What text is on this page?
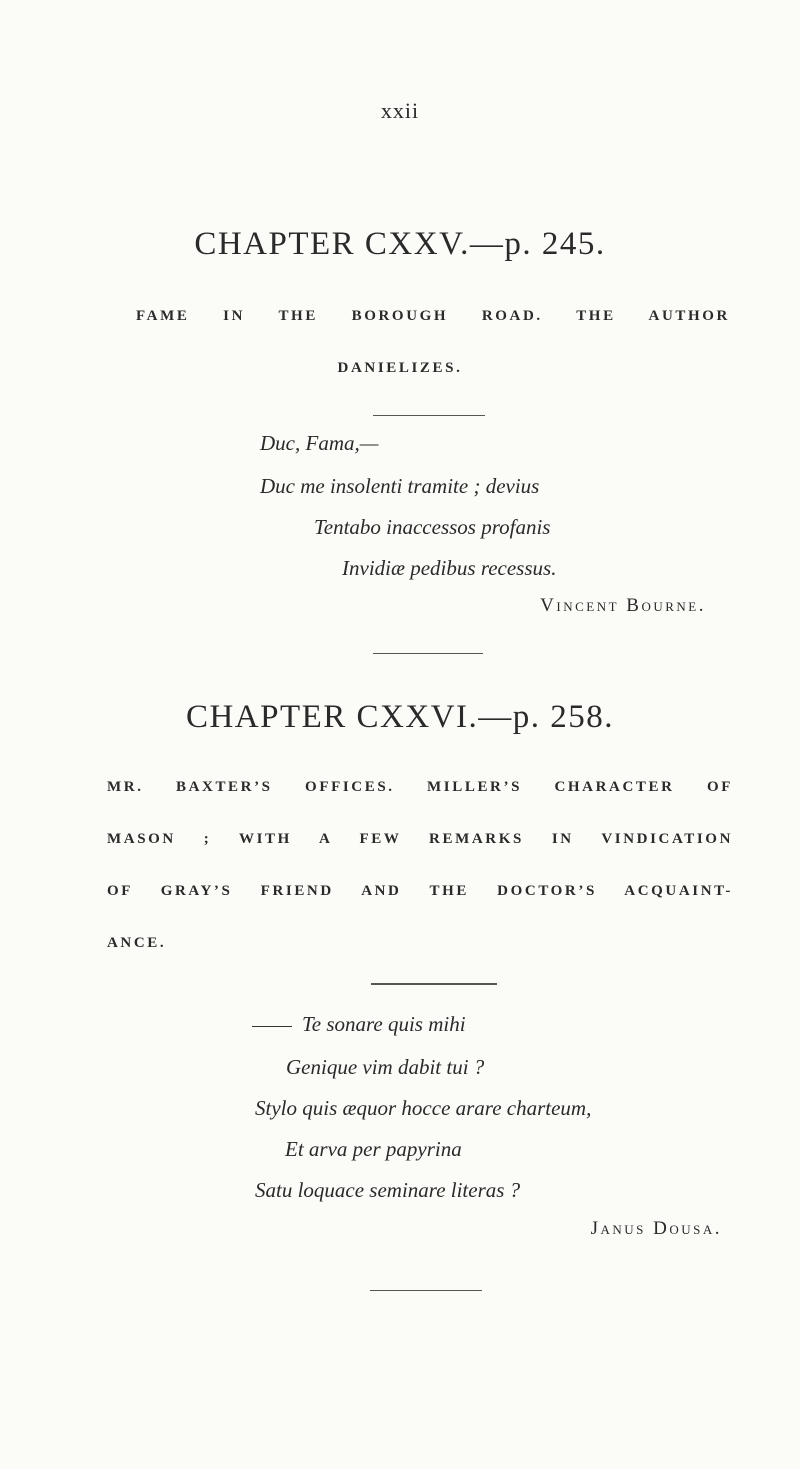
xxii
CHAPTER CXXV.—p. 245.
FAME IN THE BOROUGH ROAD. THE AUTHOR
DANIELIZES.
Duc, Fama,—
Duc me insolenti tramite ; devius
Tentabo inaccessos profanis
Invidiæ pedibus recessus.
Vincent Bourne.
CHAPTER CXXVI.—p. 258.
MR. BAXTER’S OFFICES. MILLER’S CHARACTER OF
MASON ; WITH A FEW REMARKS IN VINDICATION
OF GRAY’S FRIEND AND THE DOCTOR’S ACQUAINT-
ANCE.
Te sonare quis mihi
Genique vim dabit tui ?
Stylo quis æquor hocce arare charteum,
Et arva per papyrina
Satu loquace seminare literas ?
Janus Dousa.
